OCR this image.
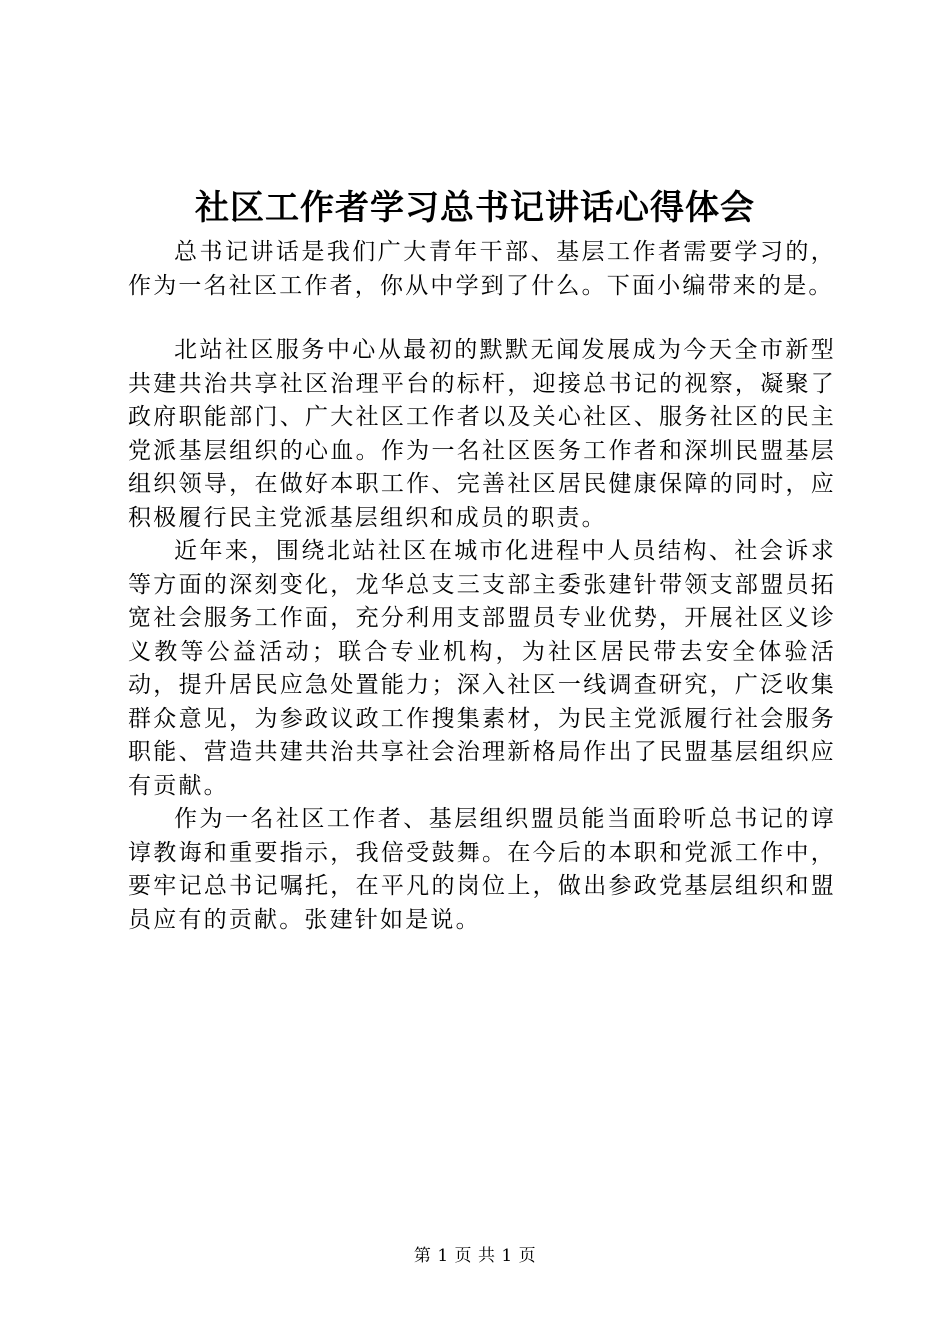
社区工作者学习总书记讲话心得体会

总书记讲话是我们广大青年干部、基层工作者需要学习的，作为一名社区工作者，你从中学到了什么。下面小编带来的是。

北站社区服务中心从最初的默默无闻发展成为今天全市新型共建共治共享社区治理平台的标杆，迎接总书记的视察，凝聚了政府职能部门、广大社区工作者以及关心社区、服务社区的民主党派基层组织的心血。作为一名社区医务工作者和深圳民盟基层组织领导，在做好本职工作、完善社区居民健康保障的同时，应积极履行民主党派基层组织和成员的职责。

近年来，围绕北站社区在城市化进程中人员结构、社会诉求等方面的深刻变化，龙华总支三支部主委张建针带领支部盟员拓宽社会服务工作面，充分利用支部盟员专业优势，开展社区义诊义教等公益活动；联合专业机构，为社区居民带去安全体验活动，提升居民应急处置能力；深入社区一线调查研究，广泛收集群众意见，为参政议政工作搜集素材，为民主党派履行社会服务职能、营造共建共治共享社会治理新格局作出了民盟基层组织应有贡献。

作为一名社区工作者、基层组织盟员能当面聆听总书记的谆谆教诲和重要指示，我倍受鼓舞。在今后的本职和党派工作中，要牢记总书记嘱托，在平凡的岗位上，做出参政党基层组织和盟员应有的贡献。张建针如是说。

第 1 页 共 1 页
